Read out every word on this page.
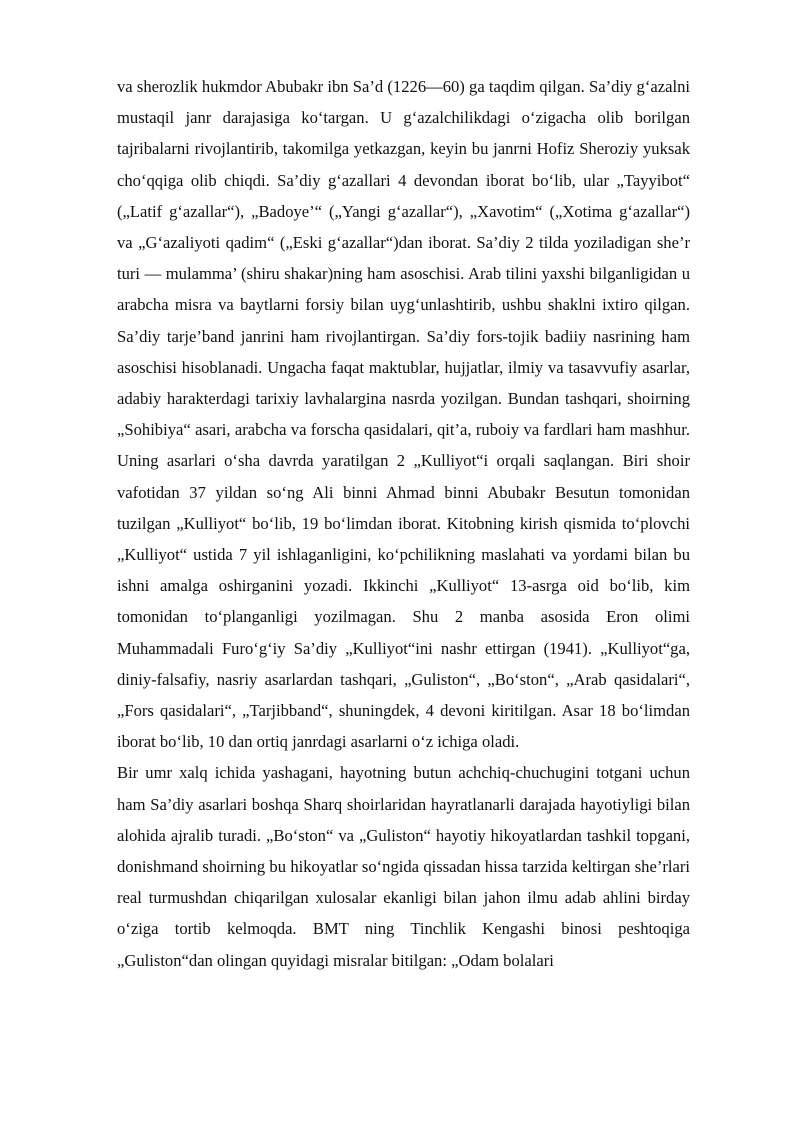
va sherozlik hukmdor Abubakr ibn Sa’d (1226—60) ga taqdim qilgan. Sa’diy g‘azalni mustaqil janr darajasiga ko‘targan. U g‘azalchilikdagi o‘zigacha olib borilgan tajribalarni rivojlantirib, takomilga yetkazgan, keyin bu janrni Hofiz Sheroziy yuksak cho‘qqiga olib chiqdi. Sa’diy g‘azallari 4 devondan iborat bo‘lib, ular „Tayyibot“ („Latif g‘azallar“), „Badoye’“ („Yangi g‘azallar“), „Xavotim“ („Xotima g‘azallar“) va „G‘azaliyoti qadim“ („Eski g‘azallar“)dan iborat. Sa’diy 2 tilda yoziladigan she’r turi — mulamma’ (shiru shakar)ning ham asoschisi. Arab tilini yaxshi bilganligidan u arabcha misra va baytlarni forsiy bilan uyg‘unlashtirib, ushbu shaklni ixtiro qilgan. Sa’diy tarje’band janrini ham rivojlantirgan. Sa’diy fors-tojik badiiy nasrining ham asoschisi hisoblanadi. Ungacha faqat maktublar, hujjatlar, ilmiy va tasavvufiy asarlar, adabiy harakterdagi tarixiy lavhalargina nasrda yozilgan. Bundan tashqari, shoirning „Sohibiya“ asari, arabcha va forscha qasidalari, qit’a, ruboiy va fardlari ham mashhur. Uning asarlari o‘sha davrda yaratilgan 2 „Kulliyot“i orqali saqlangan. Biri shoir vafotidan 37 yildan so‘ng Ali binni Ahmad binni Abubakr Besutun tomonidan tuzilgan „Kulliyot“ bo‘lib, 19 bo‘limdan iborat. Kitobning kirish qismida to‘plovchi „Kulliyot“ ustida 7 yil ishlaganligini, ko‘pchilikning maslahati va yordami bilan bu ishni amalga oshirganini yozadi. Ikkinchi „Kulliyot“ 13-asrga oid bo‘lib, kim tomonidan to‘planganligi yozilmagan. Shu 2 manba asosida Eron olimi Muhammadali Furo‘g‘iy Sa’diy „Kulliyot“ini nashr ettirgan (1941). „Kulliyot“ga, diniy-falsafiy, nasriy asarlardan tashqari, „Guliston“, „Bo‘ston“, „Arab qasidalari“, „Fors qasidalari“, „Tarjibband“, shuningdek, 4 devoni kiritilgan. Asar 18 bo‘limdan iborat bo‘lib, 10 dan ortiq janrdagi asarlarni o‘z ichiga oladi.

Bir umr xalq ichida yashagani, hayotning butun achchiq-chuchugini totgani uchun ham Sa’diy asarlari boshqa Sharq shoirlaridan hayratlanarli darajada hayotiyligi bilan alohida ajralib turadi. „Bo‘ston“ va „Guliston“ hayotiy hikoyatlardan tashkil topgani, donishmand shoirning bu hikoyatlar so‘ngida qissadan hissa tarzida keltirgan she’rlari real turmushdan chiqarilgan xulosalar ekanligi bilan jahon ilmu adab ahlini birday o‘ziga tortib kelmoqda. BMT ning Tinchlik Kengashi binosi peshtoqiga „Guliston“dan olingan quyidagi misralar bitilgan: „Odam bolalari
